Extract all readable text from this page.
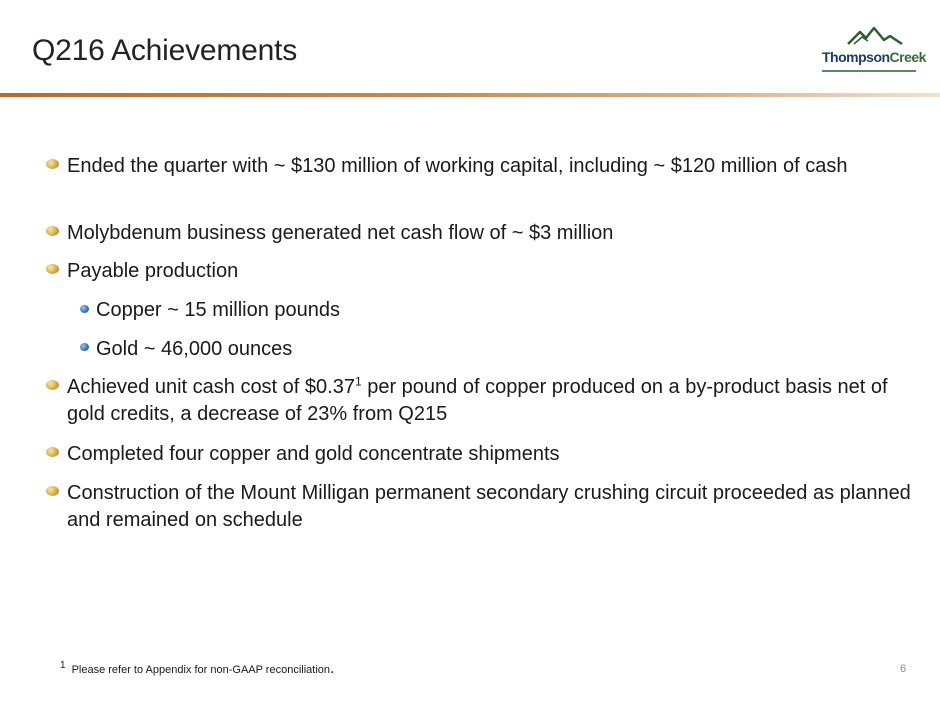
Q216 Achievements	ThompsonCreek
Ended the quarter with ~ $130 million of working capital, including ~ $120 million of cash
Molybdenum business generated net cash flow of ~ $3 million
Payable production
Copper ~ 15 million pounds
Gold ~ 46,000 ounces
Achieved unit cash cost of $0.37$^1$ per pound of copper produced on a by-product basis net of gold credits, a decrease of 23% from Q215
Completed four copper and gold concentrate shipments
Construction of the Mount Milligan permanent secondary crushing circuit proceeded as planned and remained on schedule
1 Please refer to Appendix for non-GAAP reconciliation.	6
